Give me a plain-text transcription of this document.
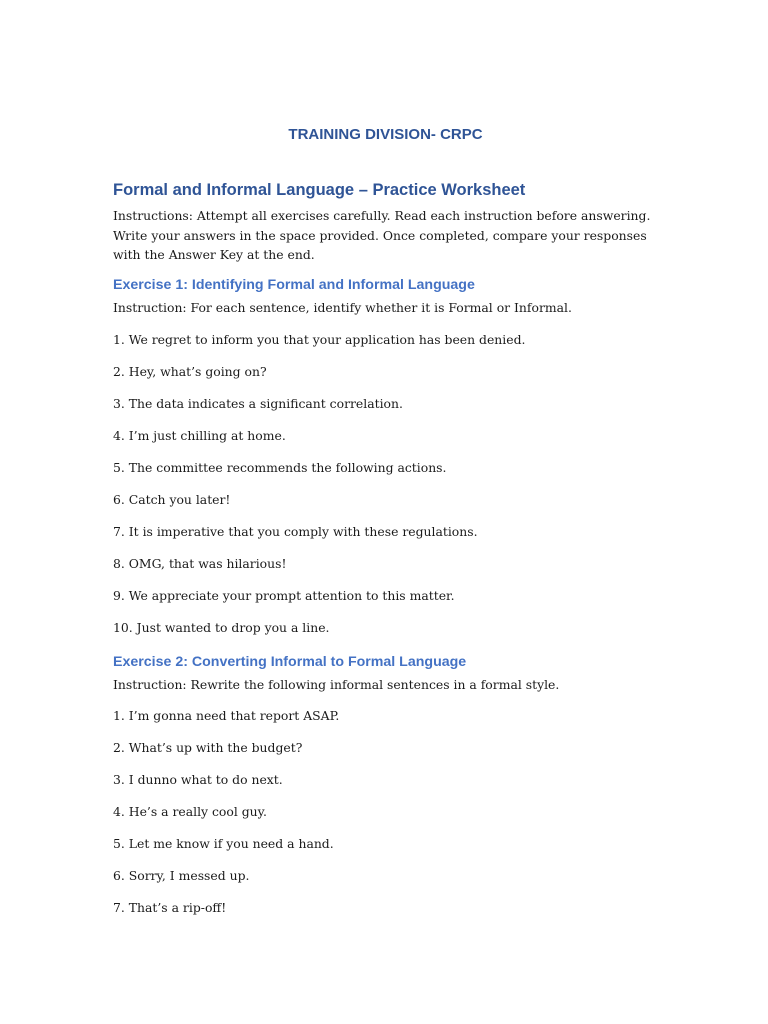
TRAINING DIVISION- CRPC
Formal and Informal Language – Practice Worksheet

Instructions: Attempt all exercises carefully. Read each instruction before answering. Write your answers in the space provided. Once completed, compare your responses with the Answer Key at the end.

Exercise 1: Identifying Formal and Informal Language

Instruction: For each sentence, identify whether it is Formal or Informal.

1. We regret to inform you that your application has been denied.

2. Hey, what’s going on?

3. The data indicates a significant correlation.

4. I’m just chilling at home.

5. The committee recommends the following actions.

6. Catch you later!

7. It is imperative that you comply with these regulations.

8. OMG, that was hilarious!

9. We appreciate your prompt attention to this matter.

10. Just wanted to drop you a line.

Exercise 2: Converting Informal to Formal Language

Instruction: Rewrite the following informal sentences in a formal style.

1. I’m gonna need that report ASAP.

2. What’s up with the budget?

3. I dunno what to do next.

4. He’s a really cool guy.

5. Let me know if you need a hand.

6. Sorry, I messed up.

7. That’s a rip-off!
